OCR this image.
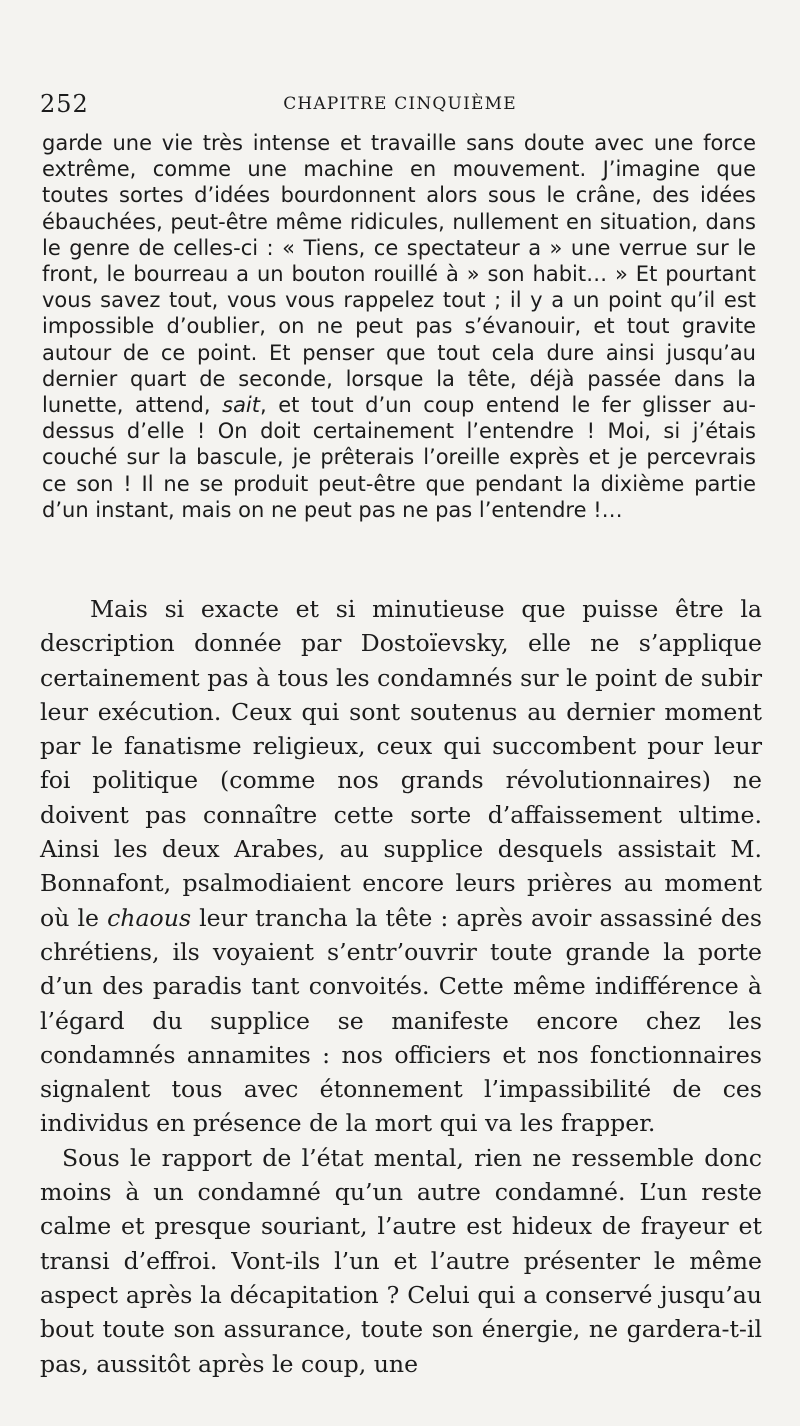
252	CHAPITRE CINQUIÈME

garde une vie très intense et travaille sans doute avec une force extrême, comme une machine en mouvement. J’imagine que toutes sortes d’idées bourdonnent alors sous le crâne, des idées ébauchées, peut-être même ridicules, nullement en situation, dans le genre de celles-ci : « Tiens, ce spectateur a » une verrue sur le front, le bourreau a un bouton rouillé à » son habit… » Et pourtant vous savez tout, vous vous rappelez tout ; il y a un point qu’il est impossible d’oublier, on ne peut pas s’évanouir, et tout gravite autour de ce point. Et penser que tout cela dure ainsi jusqu’au dernier quart de seconde, lorsque la tête, déjà passée dans la lunette, attend, sait, et tout d’un coup entend le fer glisser au-dessus d’elle ! On doit certainement l’entendre ! Moi, si j’étais couché sur la bascule, je prêterais l’oreille exprès et je percevrais ce son ! Il ne se produit peut-être que pendant la dixième partie d’un instant, mais on ne peut pas ne pas l’entendre !…

Mais si exacte et si minutieuse que puisse être la description donnée par Dostoïevsky, elle ne s’applique certainement pas à tous les condamnés sur le point de subir leur exécution. Ceux qui sont soutenus au dernier moment par le fanatisme religieux, ceux qui succombent pour leur foi politique (comme nos grands révolutionnaires) ne doivent pas connaître cette sorte d’affaissement ultime. Ainsi les deux Arabes, au supplice desquels assistait M. Bonnafont, psalmodiaient encore leurs prières au moment où le chaous leur trancha la tête : après avoir assassiné des chrétiens, ils voyaient s’entr’ouvrir toute grande la porte d’un des paradis tant convoités. Cette même indifférence à l’égard du supplice se manifeste encore chez les condamnés annamites : nos officiers et nos fonctionnaires signalent tous avec étonnement l’impassibilité de ces individus en présence de la mort qui va les frapper.

Sous le rapport de l’état mental, rien ne ressemble donc moins à un condamné qu’un autre condamné. L’un reste calme et presque souriant, l’autre est hideux de frayeur et transi d’effroi. Vont-ils l’un et l’autre présenter le même aspect après la décapitation ? Celui qui a conservé jusqu’au bout toute son assurance, toute son énergie, ne gardera-t-il pas, aussitôt après le coup, une
